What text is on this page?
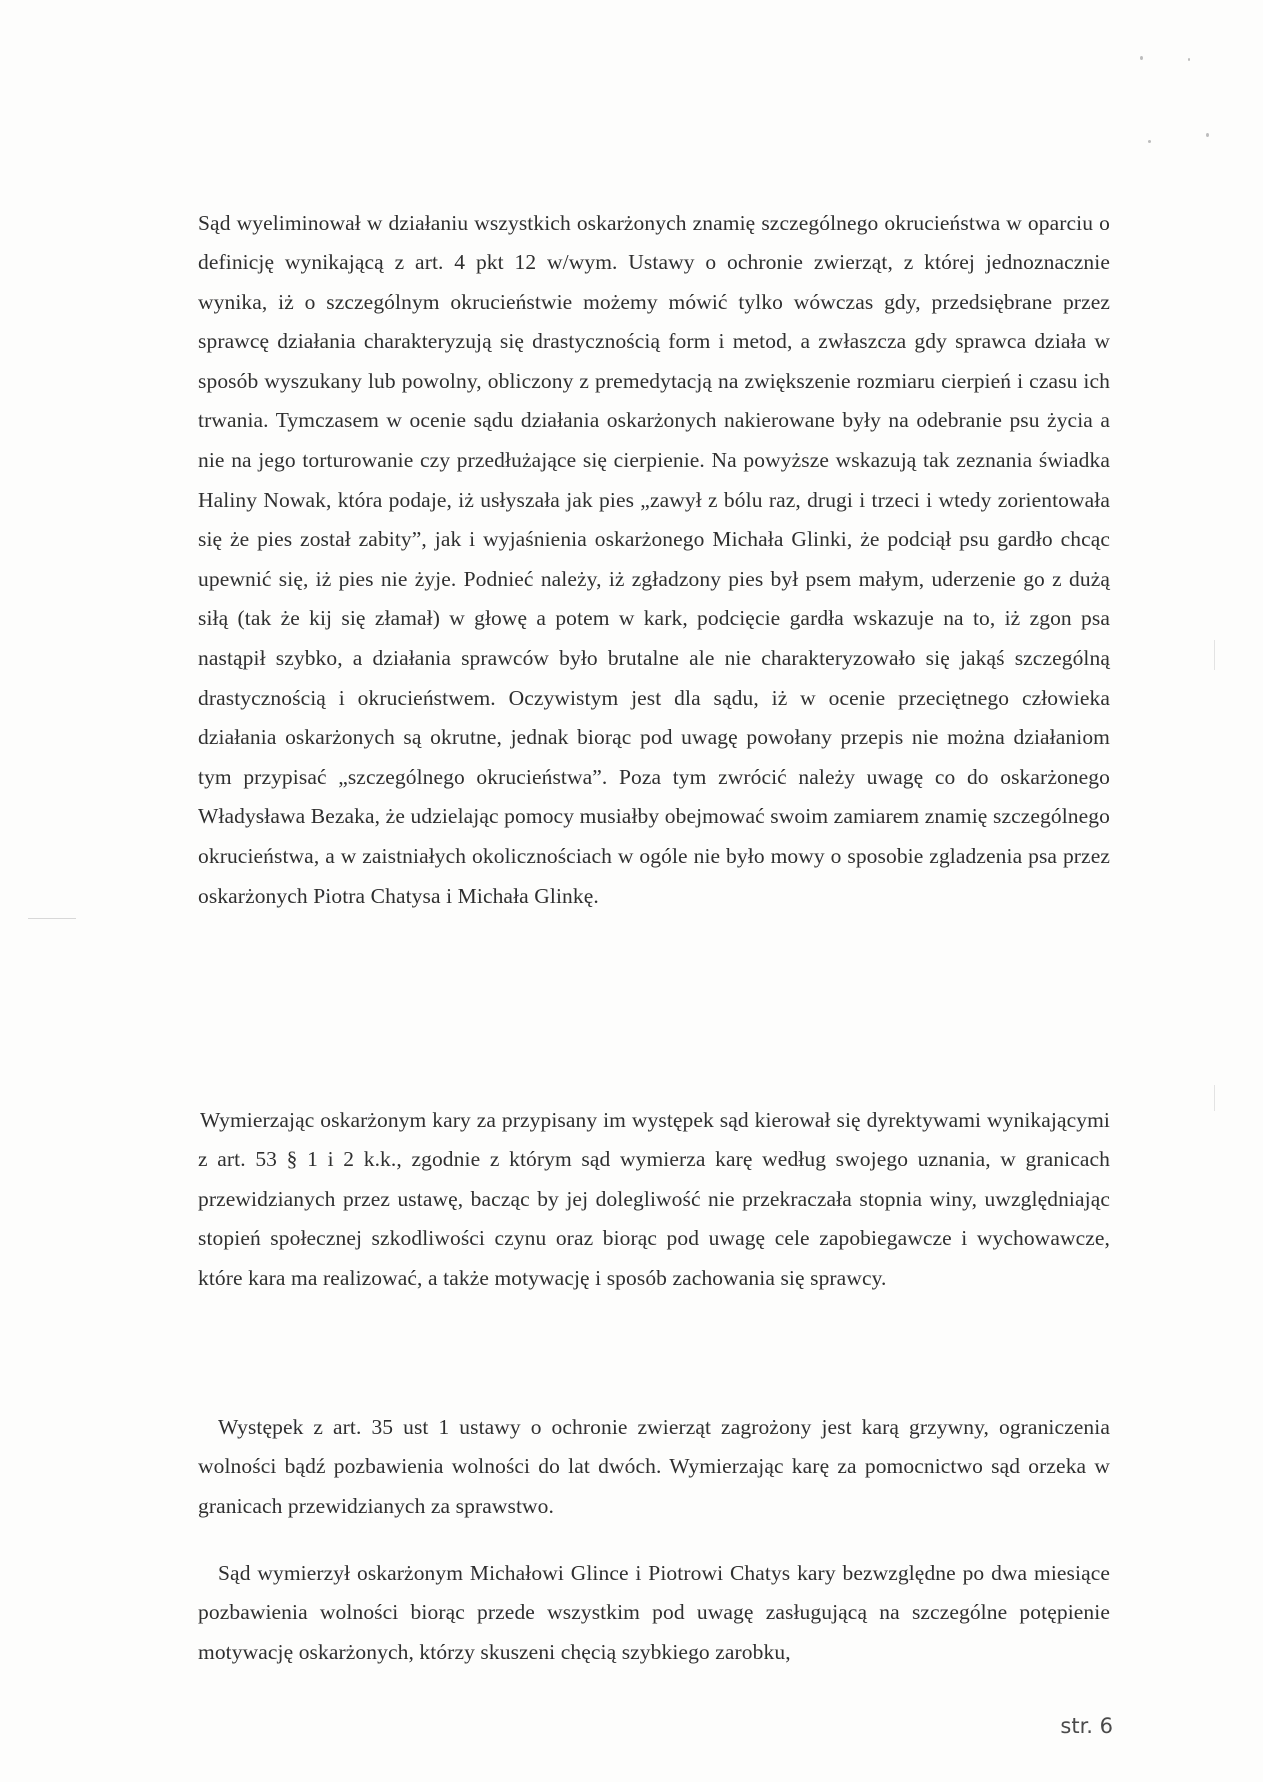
Sąd wyeliminował w działaniu wszystkich oskarżonych znamię szczególnego okrucieństwa w oparciu o definicję wynikającą z art. 4 pkt 12 w/wym. Ustawy o ochronie zwierząt, z której jednoznacznie wynika, iż o szczególnym okrucieństwie możemy mówić tylko wówczas gdy, przedsiębrane przez sprawcę działania charakteryzują się drastycznością form i metod, a zwłaszcza gdy sprawca działa w sposób wyszukany lub powolny, obliczony z premedytacją na zwiększenie rozmiaru cierpień i czasu ich trwania. Tymczasem w ocenie sądu działania oskarżonych nakierowane były na odebranie psu życia a nie na jego torturowanie czy przedłużające się cierpienie. Na powyższe wskazują tak zeznania świadka Haliny Nowak, która podaje, iż usłyszała jak pies „zawył z bólu raz, drugi i trzeci i wtedy zorientowała się że pies został zabity”, jak i wyjaśnienia oskarżonego Michała Glinki, że podciął psu gardło chcąc upewnić się, iż pies nie żyje. Podnieć należy, iż zgładzony pies był psem małym, uderzenie go z dużą siłą (tak że kij się złamał) w głowę a potem w kark, podcięcie gardła wskazuje na to, iż zgon psa nastąpił szybko, a działania sprawców było brutalne ale nie charakteryzowało się jakąś szczególną drastycznością i okrucieństwem. Oczywistym jest dla sądu, iż w ocenie przeciętnego człowieka działania oskarżonych są okrutne, jednak biorąc pod uwagę powołany przepis nie można działaniom tym przypisać „szczególnego okrucieństwa”. Poza tym zwrócić należy uwagę co do oskarżonego Władysława Bezaka, że udzielając pomocy musiałby obejmować swoim zamiarem znamię szczególnego okrucieństwa, a w zaistniałych okolicznościach w ogóle nie było mowy o sposobie zgladzenia psa przez oskarżonych Piotra Chatysa i Michała Glinkę.

Wymierzając oskarżonym kary za przypisany im występek sąd kierował się dyrektywami wynikającymi z art. 53 § 1 i 2 k.k., zgodnie z którym sąd wymierza karę według swojego uznania, w granicach przewidzianych przez ustawę, bacząc by jej dolegliwość nie przekraczała stopnia winy, uwzględniając stopień społecznej szkodliwości czynu oraz biorąc pod uwagę cele zapobiegawcze i wychowawcze, które kara ma realizować, a także motywację i sposób zachowania się sprawcy.

Występek z art. 35 ust 1 ustawy o ochronie zwierząt zagrożony jest karą grzywny, ograniczenia wolności bądź pozbawienia wolności do lat dwóch. Wymierzając karę za pomocnictwo sąd orzeka w granicach przewidzianych za sprawstwo.

Sąd wymierzył oskarżonym Michałowi Glince i Piotrowi Chatys kary bezwzględne po dwa miesiące pozbawienia wolności biorąc przede wszystkim pod uwagę zasługującą na szczególne potępienie motywację oskarżonych, którzy skuszeni chęcią szybkiego zarobku,

str. 6
